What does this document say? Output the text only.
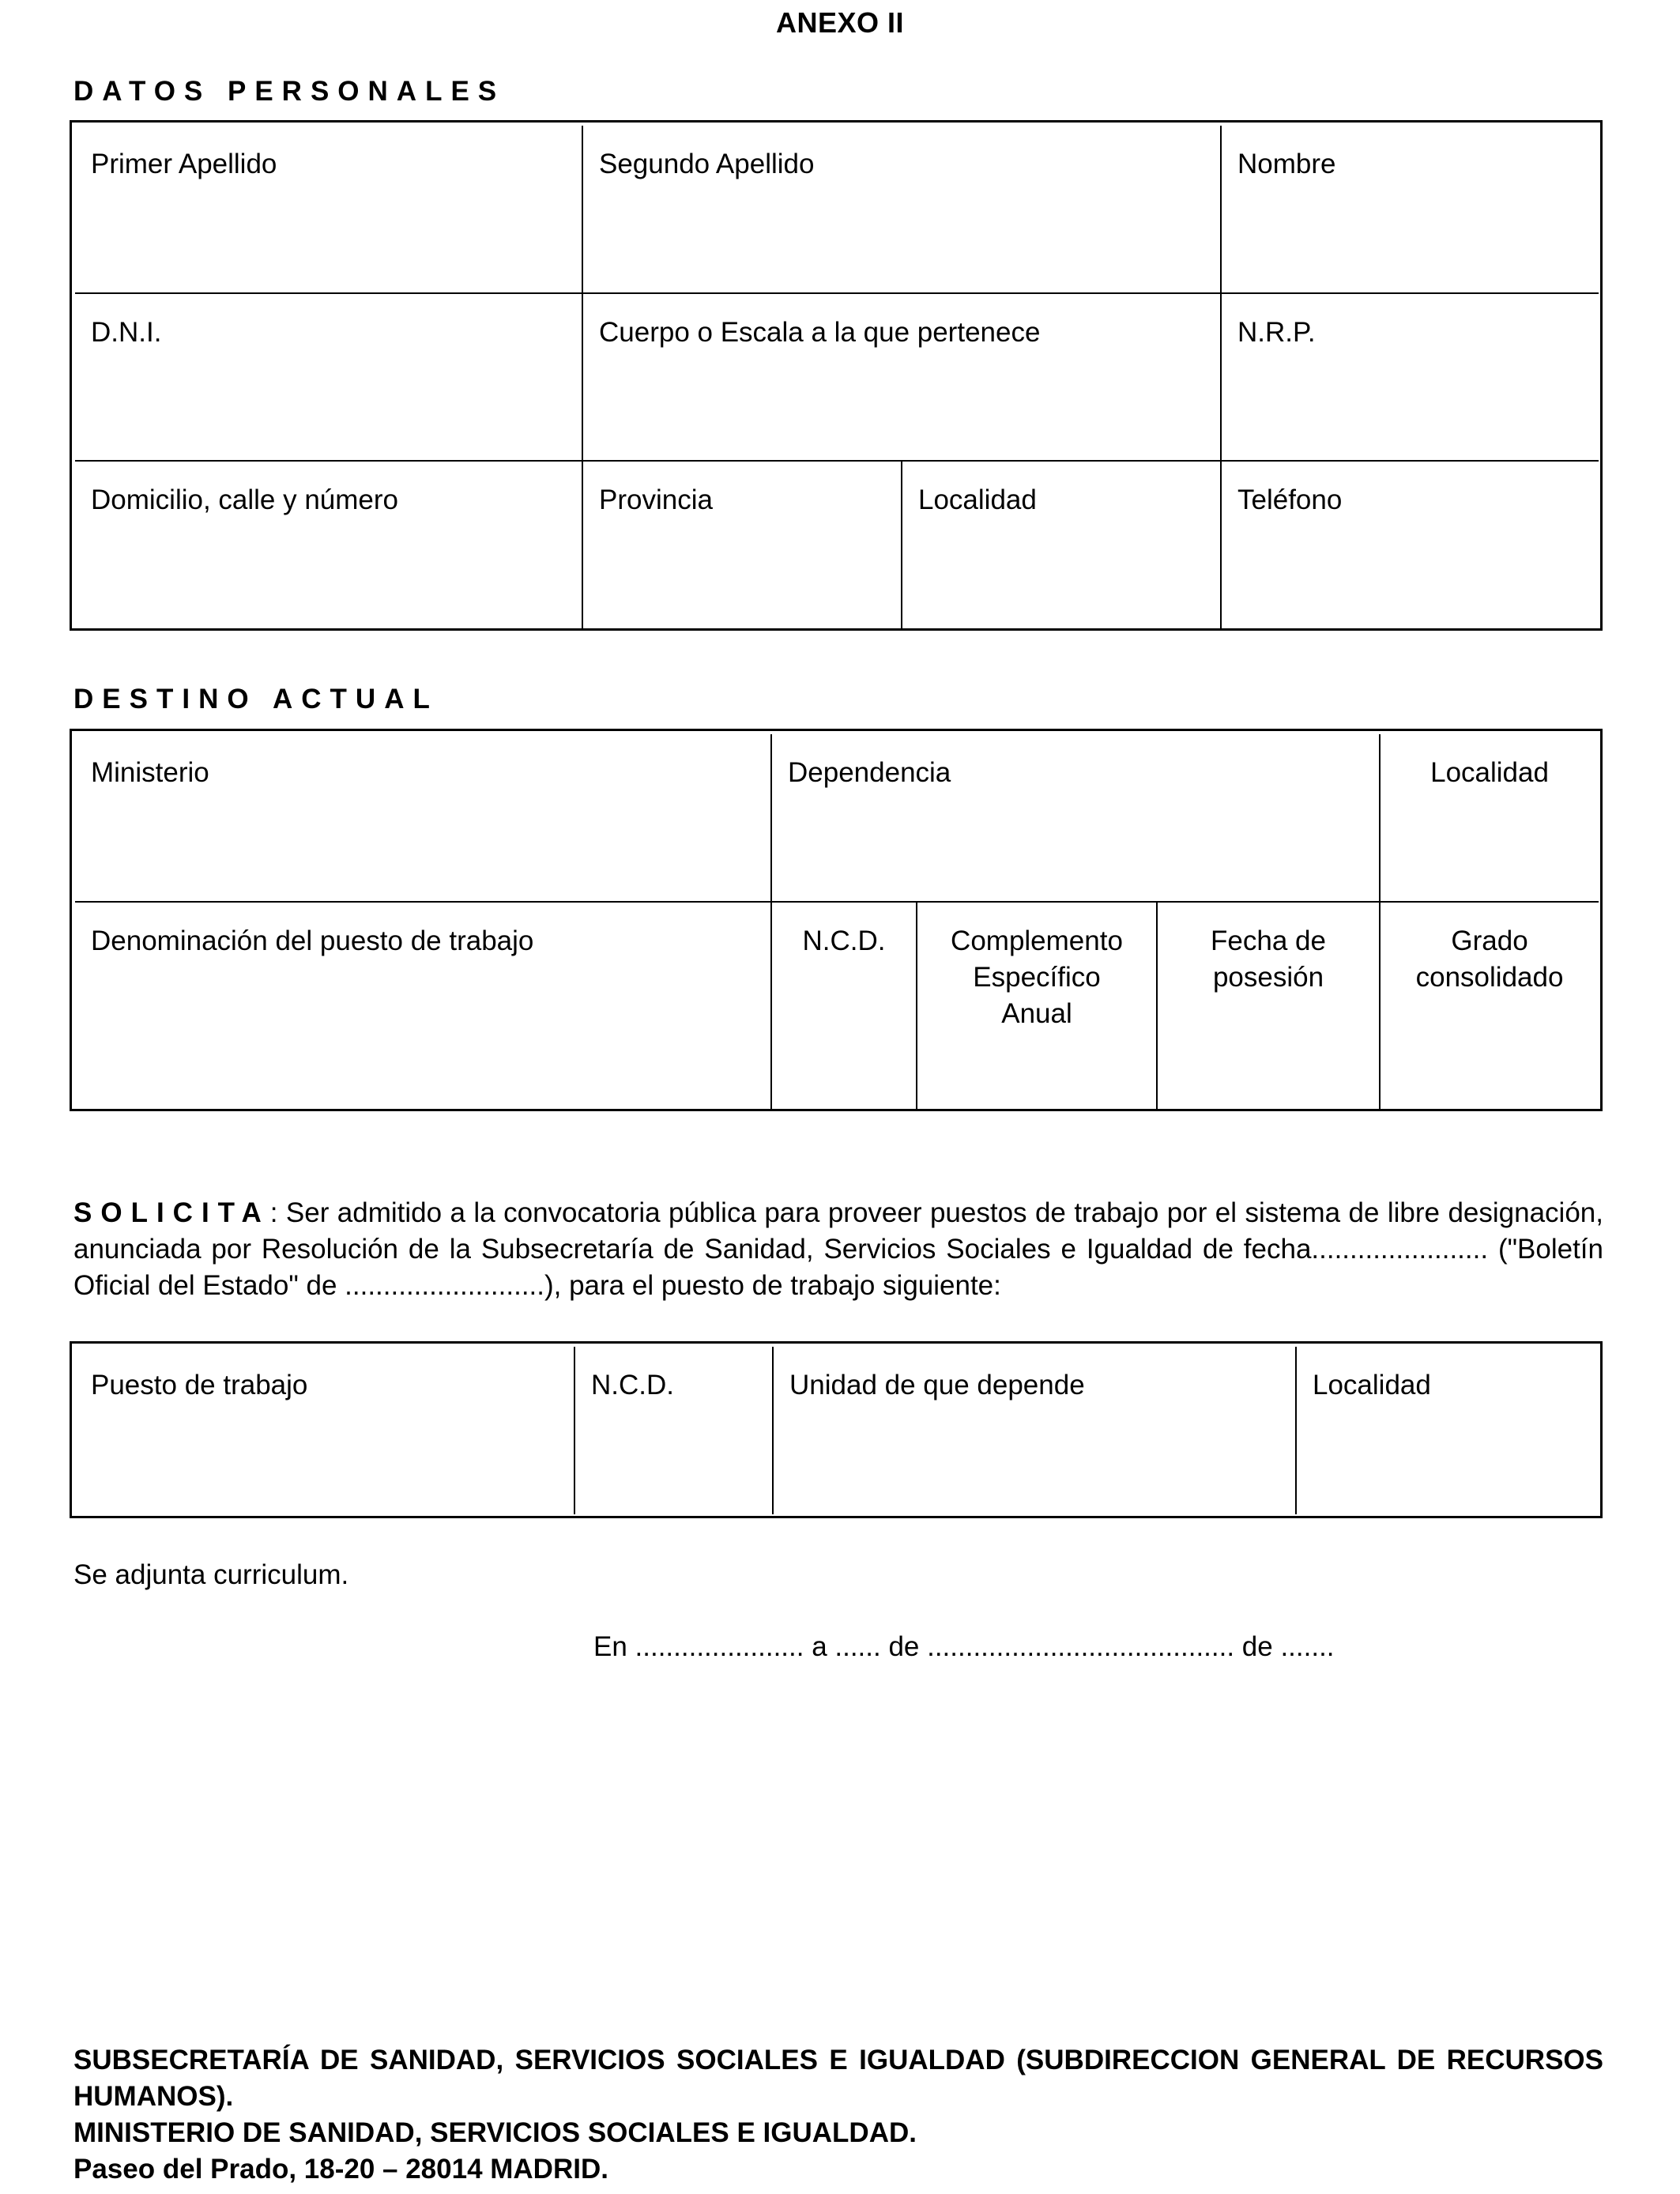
ANEXO II
DATOS PERSONALES
Primer Apellido	Segundo Apellido		Nombre
D.N.I.	Cuerpo o Escala a la que pertenece		N.R.P.
Domicilio, calle y número	Provincia	Localidad	Teléfono
DESTINO ACTUAL
Ministerio	Dependencia			Localidad
Denominación del puesto de trabajo	N.C.D.	Complemento Específico Anual	Fecha de posesión	Grado consolidado
SOLICITA: Ser admitido a la convocatoria pública para proveer puestos de trabajo por el sistema de libre designación, anunciada por Resolución de la Subsecretaría de Sanidad, Servicios Sociales e Igualdad de fecha....................... ("Boletín Oficial del Estado" de ..........................), para el puesto de trabajo siguiente:
Puesto de trabajo	N.C.D.	Unidad de que depende	Localidad
Se adjunta curriculum.
En ...................... a ...... de ........................................ de .......
SUBSECRETARÍA DE SANIDAD, SERVICIOS SOCIALES E IGUALDAD (SUBDIRECCION GENERAL DE RECURSOS HUMANOS).
MINISTERIO DE SANIDAD, SERVICIOS SOCIALES E IGUALDAD.
Paseo del Prado, 18-20 – 28014 MADRID.
